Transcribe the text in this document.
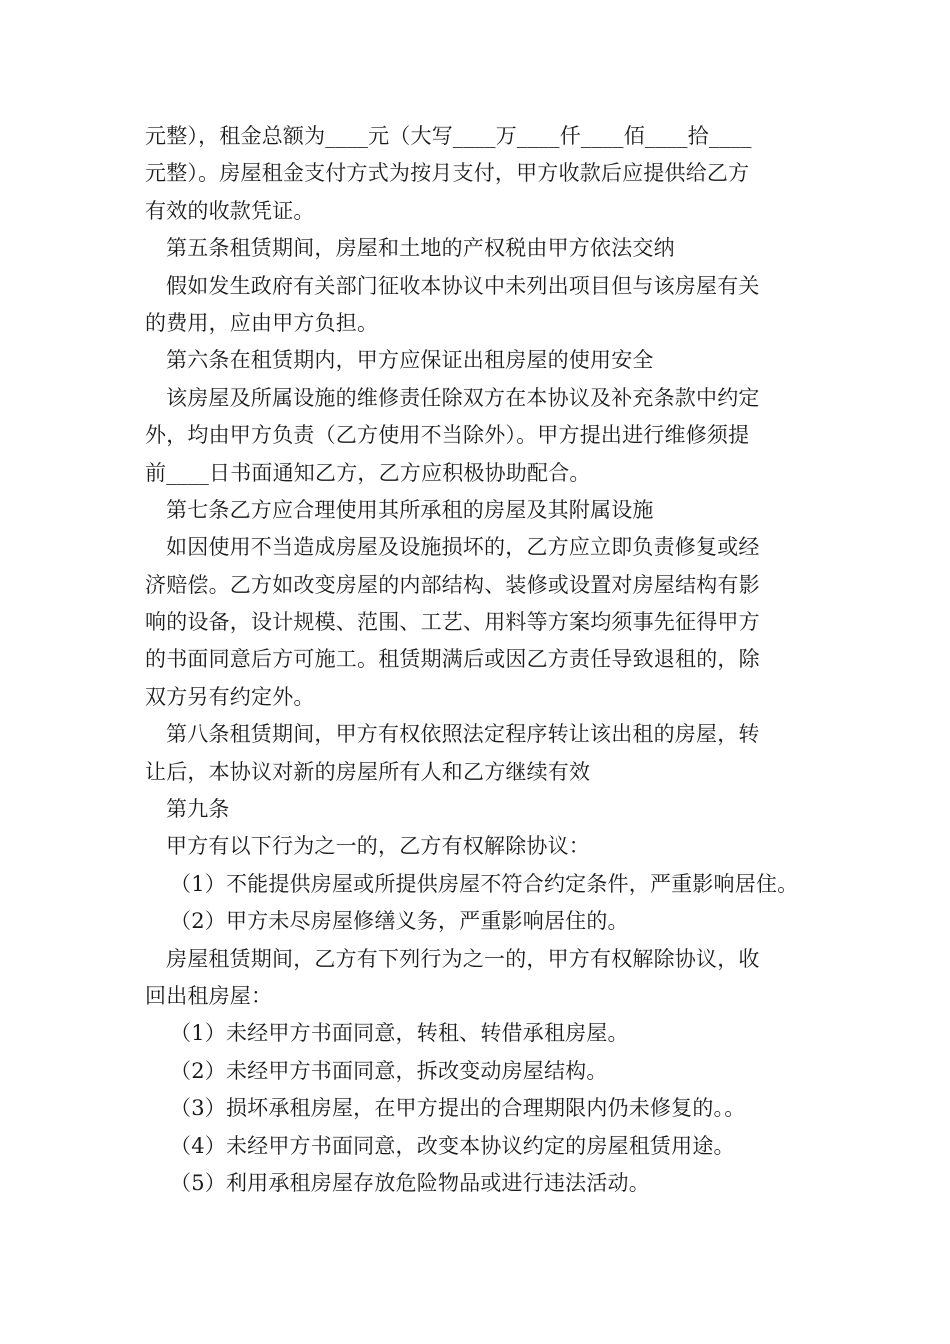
元整），租金总额为____元（大写____万____仟____佰____拾____
元整）。房屋租金支付方式为按月支付，甲方收款后应提供给乙方
有效的收款凭证。
第五条租赁期间，房屋和土地的产权税由甲方依法交纳
假如发生政府有关部门征收本协议中未列出项目但与该房屋有关
的费用，应由甲方负担。
第六条在租赁期内，甲方应保证出租房屋的使用安全
该房屋及所属设施的维修责任除双方在本协议及补充条款中约定
外，均由甲方负责（乙方使用不当除外）。甲方提出进行维修须提
前____日书面通知乙方，乙方应积极协助配合。
第七条乙方应合理使用其所承租的房屋及其附属设施
如因使用不当造成房屋及设施损坏的，乙方应立即负责修复或经
济赔偿。乙方如改变房屋的内部结构、装修或设置对房屋结构有影
响的设备，设计规模、范围、工艺、用料等方案均须事先征得甲方
的书面同意后方可施工。租赁期满后或因乙方责任导致退租的，除
双方另有约定外。
第八条租赁期间，甲方有权依照法定程序转让该出租的房屋，转
让后，本协议对新的房屋所有人和乙方继续有效
第九条
甲方有以下行为之一的，乙方有权解除协议：
（1）不能提供房屋或所提供房屋不符合约定条件，严重影响居住。
（2）甲方未尽房屋修缮义务，严重影响居住的。
房屋租赁期间，乙方有下列行为之一的，甲方有权解除协议，收
回出租房屋：
（1）未经甲方书面同意，转租、转借承租房屋。
（2）未经甲方书面同意，拆改变动房屋结构。
（3）损坏承租房屋，在甲方提出的合理期限内仍未修复的。。
（4）未经甲方书面同意，改变本协议约定的房屋租赁用途。
（5）利用承租房屋存放危险物品或进行违法活动。
